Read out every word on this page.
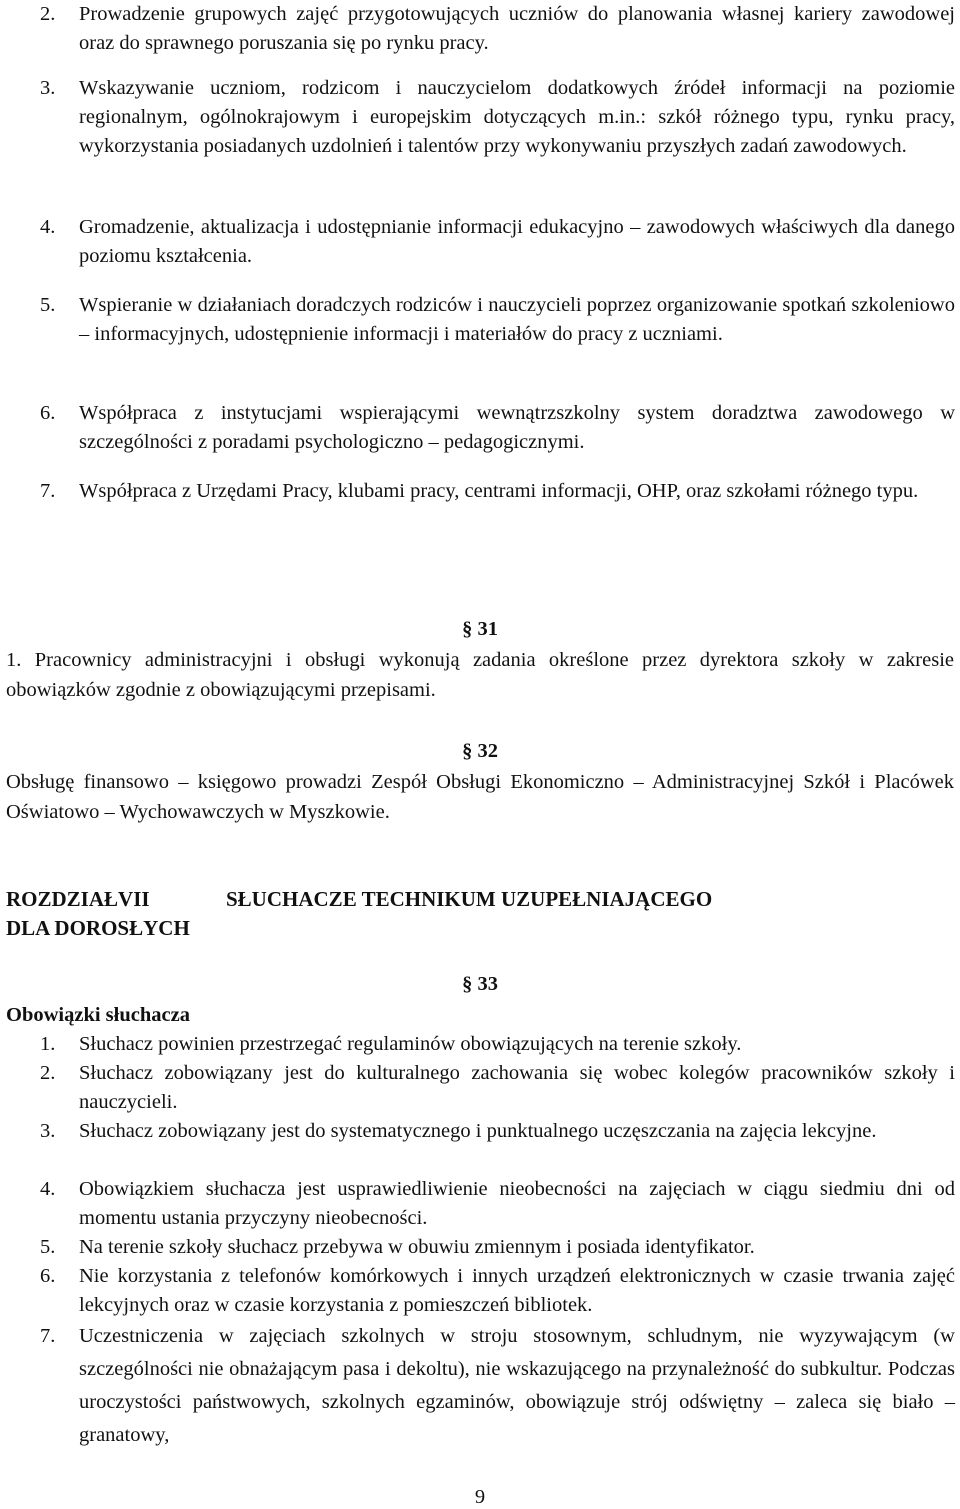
2. Prowadzenie grupowych zajęć przygotowujących uczniów do planowania własnej kariery zawodowej oraz do sprawnego poruszania się po rynku pracy.
3. Wskazywanie uczniom, rodzicom i nauczycielom dodatkowych źródeł informacji na poziomie regionalnym, ogólnokrajowym i europejskim dotyczących m.in.: szkół różnego typu, rynku pracy, wykorzystania posiadanych uzdolnień i talentów przy wykonywaniu przyszłych zadań zawodowych.
4. Gromadzenie, aktualizacja i udostępnianie informacji edukacyjno – zawodowych właściwych dla danego poziomu kształcenia.
5. Wspieranie w działaniach doradczych rodziców i nauczycieli poprzez organizowanie spotkań szkoleniowo – informacyjnych, udostępnienie informacji i materiałów do pracy z uczniami.
6. Współpraca z instytucjami wspierającymi wewnątrzszkolny system doradztwa zawodowego w szczególności z poradami psychologiczno – pedagogicznymi.
7. Współpraca z Urzędami Pracy, klubami pracy, centrami informacji, OHP, oraz szkołami różnego typu.
§ 31
1. Pracownicy administracyjni i obsługi wykonują zadania określone przez dyrektora szkoły w zakresie obowiązków zgodnie z obowiązującymi przepisami.
§ 32
Obsługę finansowo – księgowo prowadzi Zespół Obsługi Ekonomiczno – Administracyjnej Szkół i Placówek Oświatowo – Wychowawczych w Myszkowie.
ROZDZIAŁVII	SŁUCHACZE TECHNIKUM UZUPEŁNIAJĄCEGO
DLA DOROSŁYCH
§ 33
Obowiązki słuchacza
1. Słuchacz powinien przestrzegać regulaminów obowiązujących na terenie szkoły.
2. Słuchacz zobowiązany jest do kulturalnego zachowania się wobec kolegów pracowników szkoły i nauczycieli.
3. Słuchacz zobowiązany jest do systematycznego i punktualnego uczęszczania na zajęcia lekcyjne.
4. Obowiązkiem słuchacza jest usprawiedliwienie nieobecności na zajęciach w ciągu siedmiu dni od momentu ustania przyczyny nieobecności.
5. Na terenie szkoły słuchacz przebywa w obuwiu zmiennym i posiada identyfikator.
6. Nie korzystania z telefonów komórkowych i innych urządzeń elektronicznych w czasie trwania zajęć lekcyjnych oraz w czasie korzystania z pomieszczeń bibliotek.
7. Uczestniczenia w zajęciach szkolnych w stroju stosownym, schludnym, nie wyzywającym (w szczególności nie obnażającym pasa i dekoltu), nie wskazującego na przynależność do subkultur. Podczas uroczystości państwowych, szkolnych egzaminów, obowiązuje strój odświętny – zaleca się biało – granatowy,
9
